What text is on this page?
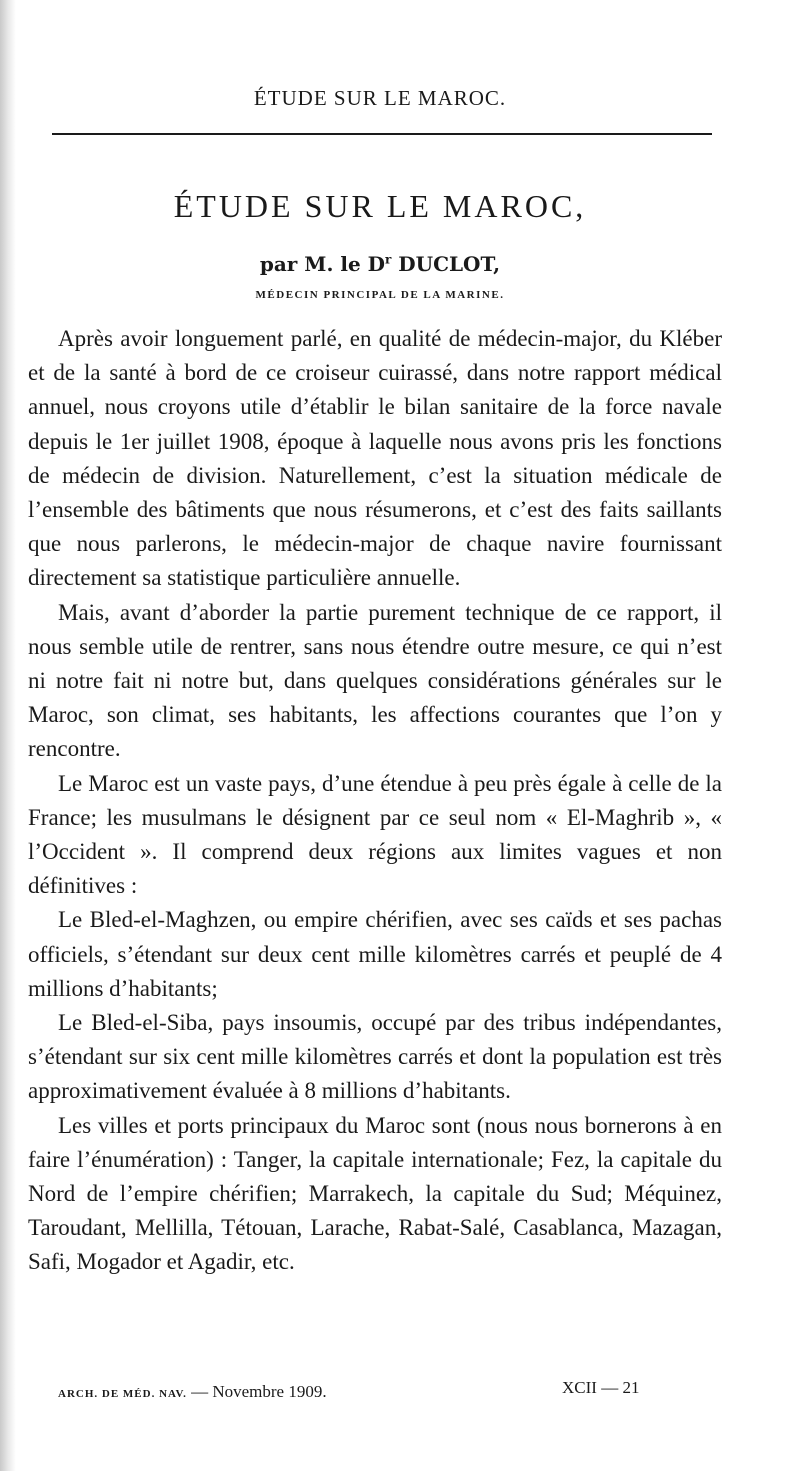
ÉTUDE SUR LE MAROC.
ÉTUDE SUR LE MAROC,
par M. le $D^r$ DUCLOT,
MÉDECIN PRINCIPAL DE LA MARINE.

Après avoir longuement parlé, en qualité de médecin-major, du Kléber et de la santé à bord de ce croiseur cuirassé, dans notre rapport médical annuel, nous croyons utile d’établir le bilan sanitaire de la force navale depuis le 1er juillet 1908, époque à laquelle nous avons pris les fonctions de médecin de division. Naturellement, c’est la situation médicale de l’ensemble des bâtiments que nous résumerons, et c’est des faits saillants que nous parlerons, le médecin-major de chaque navire fournissant directement sa statistique particulière annuelle.

Mais, avant d’aborder la partie purement technique de ce rapport, il nous semble utile de rentrer, sans nous étendre outre mesure, ce qui n’est ni notre fait ni notre but, dans quelques considérations générales sur le Maroc, son climat, ses habitants, les affections courantes que l’on y rencontre.

Le Maroc est un vaste pays, d’une étendue à peu près égale à celle de la France; les musulmans le désignent par ce seul nom « El-Maghrib », « l’Occident ». Il comprend deux régions aux limites vagues et non définitives :

Le Bled-el-Maghzen, ou empire chérifien, avec ses caïds et ses pachas officiels, s’étendant sur deux cent mille kilomètres carrés et peuplé de 4 millions d’habitants;

Le Bled-el-Siba, pays insoumis, occupé par des tribus indépendantes, s’étendant sur six cent mille kilomètres carrés et dont la population est très approximativement évaluée à 8 millions d’habitants.

Les villes et ports principaux du Maroc sont (nous nous bornerons à en faire l’énumération) : Tanger, la capitale internationale; Fez, la capitale du Nord de l’empire chérifien; Marrakech, la capitale du Sud; Méquinez, Taroudant, Mellilla, Tétouan, Larache, Rabat-Salé, Casablanca, Mazagan, Safi, Mogador et Agadir, etc.

ARCH. DE MÉD. NAV. — Novembre 1909.	XCII — 21
